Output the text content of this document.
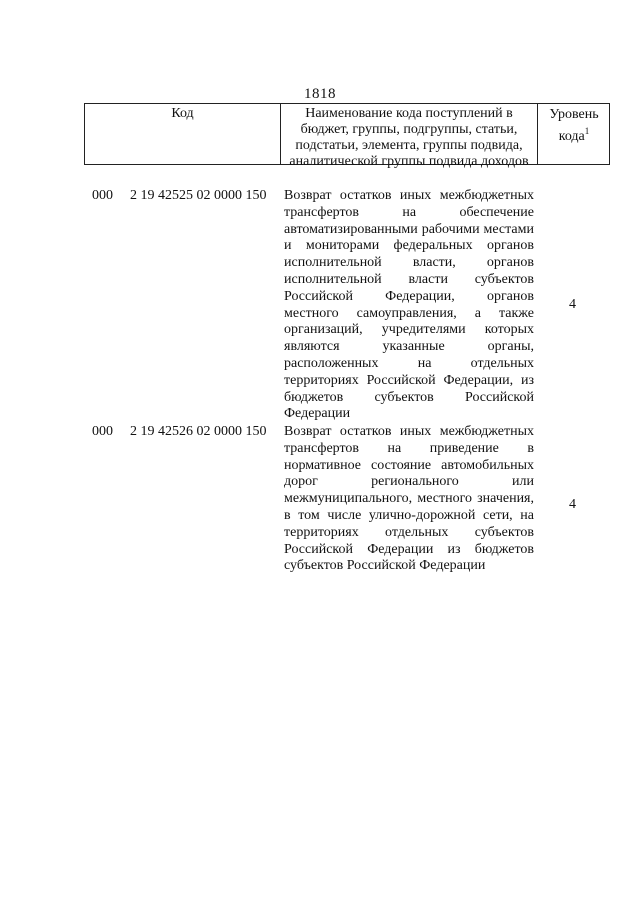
1818
Код	Наименование кода поступлений в бюджет, группы, подгруппы, статьи, подстатьи, элемента, группы подвида, аналитической группы подвида доходов
Уровень кода$^1$
000 2 19 42525 02 0000 150 Возврат остатков иных межбюджетных трансфертов на обеспечение автоматизированными рабочими местами и мониторами федеральных органов исполнительной власти, органов исполнительной власти субъектов Российской Федерации, органов местного самоуправления, а также организаций, учредителями которых являются указанные органы, расположенных на отдельных территориях Российской Федерации, из бюджетов субъектов Российской Федерации
4
000 2 19 42526 02 0000 150 Возврат остатков иных межбюджетных трансфертов на приведение в нормативное состояние автомобильных дорог регионального или межмуниципального, местного значения, в том числе улично-дорожной сети, на территориях отдельных субъектов Российской Федерации из бюджетов субъектов Российской Федерации
4
